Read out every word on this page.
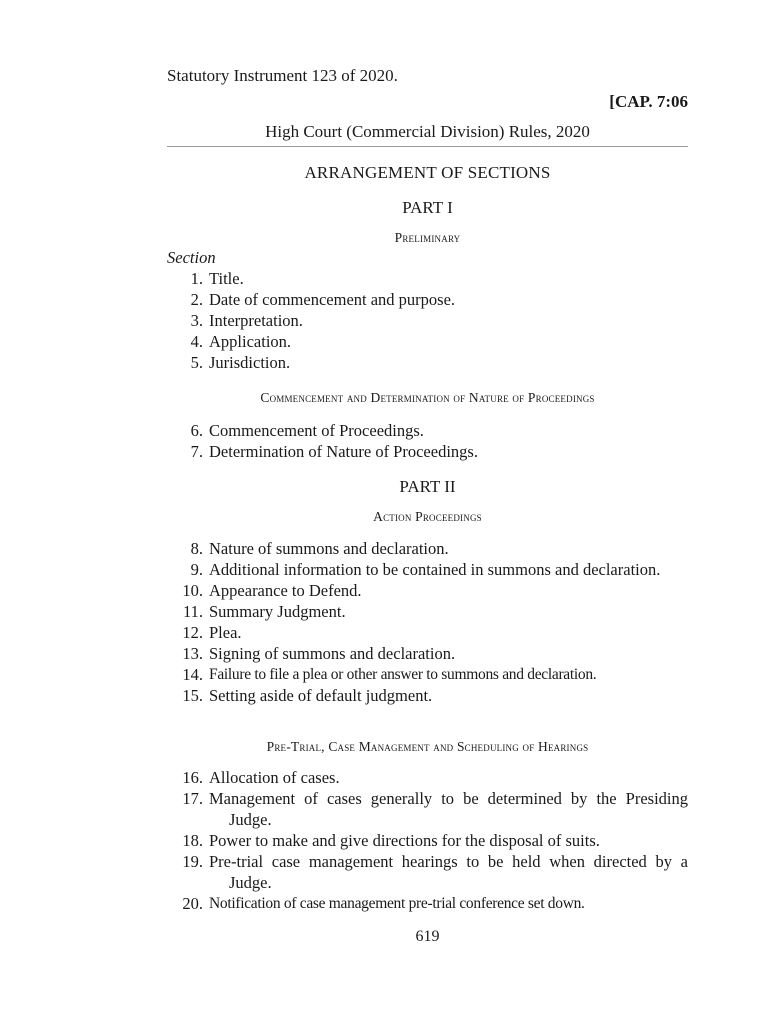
Statutory Instrument 123 of 2020.
[CAP. 7:06
High Court (Commercial Division) Rules, 2020
ARRANGEMENT OF SECTIONS
PART I
Preliminary
Section
1. Title.
2. Date of commencement and purpose.
3. Interpretation.
4. Application.
5. Jurisdiction.
Commencement and Determination of Nature of Proceedings
6. Commencement of Proceedings.
7. Determination of Nature of Proceedings.
PART II
Action Proceedings
8. Nature of summons and declaration.
9. Additional information to be contained in summons and declaration.
10. Appearance to Defend.
11. Summary Judgment.
12. Plea.
13. Signing of summons and declaration.
14. Failure to file a plea or other answer to summons and declaration.
15. Setting aside of default judgment.
Pre-Trial, Case Management and Scheduling of Hearings
16. Allocation of cases.
17. Management of cases generally to be determined by the Presiding Judge.
18. Power to make and give directions for the disposal of suits.
19. Pre-trial case management hearings to be held when directed by a Judge.
20. Notification of case management pre-trial conference set down.
619
